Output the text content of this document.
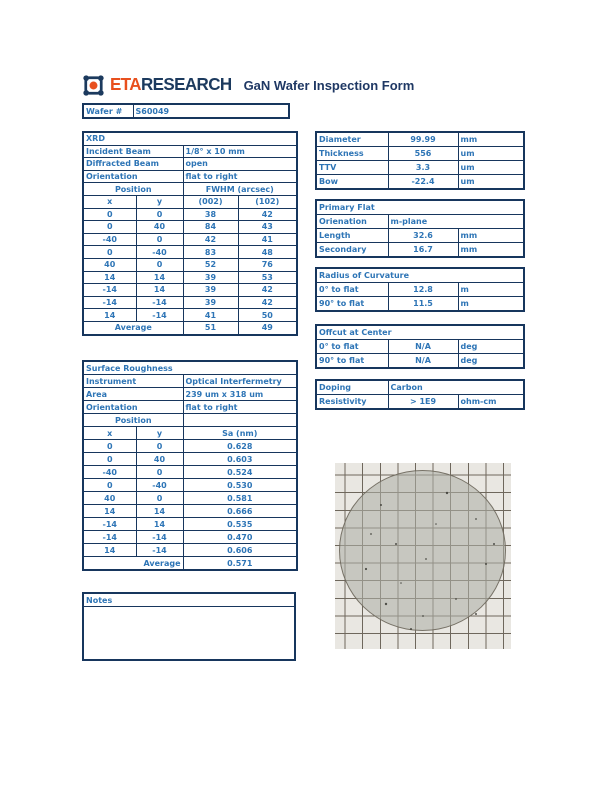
ETARESEARCH GaN Wafer Inspection Form
Wafer #	S60049
XRD			
Incident Beam		1/8° x 10 mm	
Diffracted Beam		open	
Orientation		flat to right	
Position		FWHM (arcsec)	
x	y	(002)	(102)
0	0	38	42
0	40	84	43
-40	0	42	41
0	-40	83	48
40	0	52	76
14	14	39	53
-14	14	39	42
-14	-14	39	42
14	-14	41	50
Average		51	49
Surface Roughness		
Instrument		Optical Interfermetry
Area		239 um x 318 um
Orientation		flat to right
Position		
x	y	Sa (nm)
0	0	0.628
0	40	0.603
-40	0	0.524
0	-40	0.530
40	0	0.581
14	14	0.666
-14	14	0.535
-14	-14	0.470
14	-14	0.606
Average		0.571
Notes

Diameter	99.99	mm
Thickness	556	um
TTV	3.3	um
Bow	-22.4	um
Primary Flat		
Orienation	m-plane	
Length	32.6	mm
Secondary	16.7	mm
Radius of Curvature		
0° to flat	12.8	m
90° to flat	11.5	m
Offcut at Center		
0° to flat	N/A	deg
90° to flat	N/A	deg
Doping	Carbon	
Resistivity	> 1E9	ohm-cm
